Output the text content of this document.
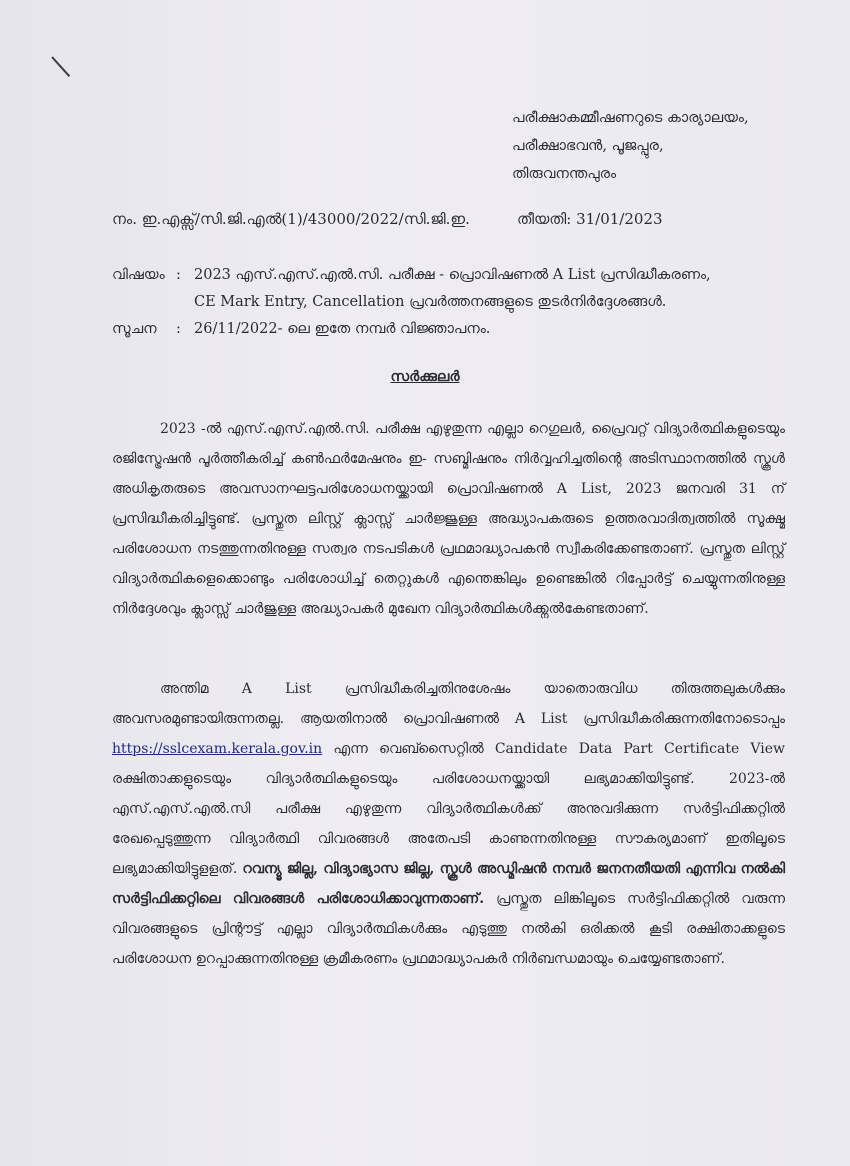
പരീക്ഷാകമ്മീഷണറുടെ കാര്യാലയം,
പരീക്ഷാഭവൻ, പൂജപ്പുര,
തിരുവനന്തപുരം
നം. ഇ.എക്സ്/സി.ജി.എൽ(1)/43000/2022/സി.ജി.ഇ.	തീയതി: 31/01/2023
വിഷയം : 2023 എസ്.എസ്.എൽ.സി. പരീക്ഷ - പ്രൊവിഷണൽ A List പ്രസിദ്ധീകരണം,
CE Mark Entry, Cancellation പ്രവർത്തനങ്ങളുടെ തുടർനിർദ്ദേശങ്ങൾ.
സൂചന	: 26/11/2022- ലെ ഇതേ നമ്പർ വിജ്ഞാപനം.
സർക്കുലർ
2023 -ൽ എസ്.എസ്.എൽ.സി. പരീക്ഷ എഴുതുന്ന എല്ലാ റെഗുലർ, പ്രൈവറ്റ് വിദ്യാർത്ഥികളുടെയും രജിസ്ട്രേഷൻ പൂർത്തീകരിച്ച് കൺഫർമേഷനും ഇ- സബ്മിഷനും നിർവ്വഹിച്ചതിന്റെ അടിസ്ഥാനത്തിൽ സ്കൂൾ അധികൃതരുടെ അവസാനഘട്ടപരിശോധനയ്ക്കായി പ്രൊവിഷണൽ A List, 2023 ജനവരി 31 ന് പ്രസിദ്ധീകരിച്ചിട്ടുണ്ട്. പ്രസ്തുത ലിസ്റ്റ് ക്ലാസ്സ് ചാർജ്ജുള്ള അദ്ധ്യാപകരുടെ ഉത്തരവാദിത്വത്തിൽ സൂക്ഷ്മ പരിശോധന നടത്തുന്നതിനുള്ള സത്വര നടപടികൾ പ്രഥമാദ്ധ്യാപകൻ സ്വീകരിക്കേണ്ടതാണ്. പ്രസ്തുത ലിസ്റ്റ് വിദ്യാർത്ഥികളെക്കൊണ്ടും പരിശോധിച്ച് തെറ്റുകൾ എന്തെങ്കിലും ഉണ്ടെങ്കിൽ റിപ്പോർട്ട് ചെയ്യുന്നതിനുള്ള നിർദ്ദേശവും ക്ലാസ്സ് ചാർജുള്ള അദ്ധ്യാപകർ മുഖേന വിദ്യാർത്ഥികൾക്ക്നൽകേണ്ടതാണ്.
അന്തിമ A List പ്രസിദ്ധീകരിച്ചതിനുശേഷം യാതൊരുവിധ തിരുത്തലുകൾക്കും അവസരമുണ്ടായിരുന്നതല്ല. ആയതിനാൽ പ്രൊവിഷണൽ A List പ്രസിദ്ധീകരിക്കുന്നതിനോടൊപ്പം https://sslcexam.kerala.gov.in എന്ന വെബ്സൈറ്റിൽ Candidate Data Part Certificate View രക്ഷിതാക്കളുടെയും വിദ്യാർത്ഥികളുടെയും പരിശോധനയ്ക്കായി ലഭ്യമാക്കിയിട്ടുണ്ട്. 2023-ൽ എസ്.എസ്.എൽ.സി പരീക്ഷ എഴുതുന്ന വിദ്യാർത്ഥികൾക്ക് അനുവദിക്കുന്ന സർട്ടിഫിക്കറ്റിൽ രേഖപ്പെടുത്തുന്ന വിദ്യാർത്ഥി വിവരങ്ങൾ അതേപടി കാണുന്നതിനുള്ള സൗകര്യമാണ് ഇതിലൂടെ ലഭ്യമാക്കിയിട്ടുളളത്. റവന്യൂ ജില്ല, വിദ്യാഭ്യാസ ജില്ല, സ്കൂൾ അഡ്മിഷൻ നമ്പർ ജനനതീയതി എന്നിവ നൽകി സർട്ടിഫിക്കറ്റിലെ വിവരങ്ങൾ പരിശോധിക്കാവുന്നതാണ്. പ്രസ്തുത ലിങ്കിലൂടെ സർട്ടിഫിക്കറ്റിൽ വരുന്ന വിവരങ്ങളുടെ പ്രിന്റൗട്ട് എല്ലാ വിദ്യാർത്ഥികൾക്കും എടുത്തു നൽകി ഒരിക്കൽ കൂടി രക്ഷിതാക്കളുടെ പരിശോധന ഉറപ്പാക്കുന്നതിനുള്ള ക്രമീകരണം പ്രഥമാദ്ധ്യാപകർ നിർബന്ധമായും ചെയ്യേണ്ടതാണ്.
